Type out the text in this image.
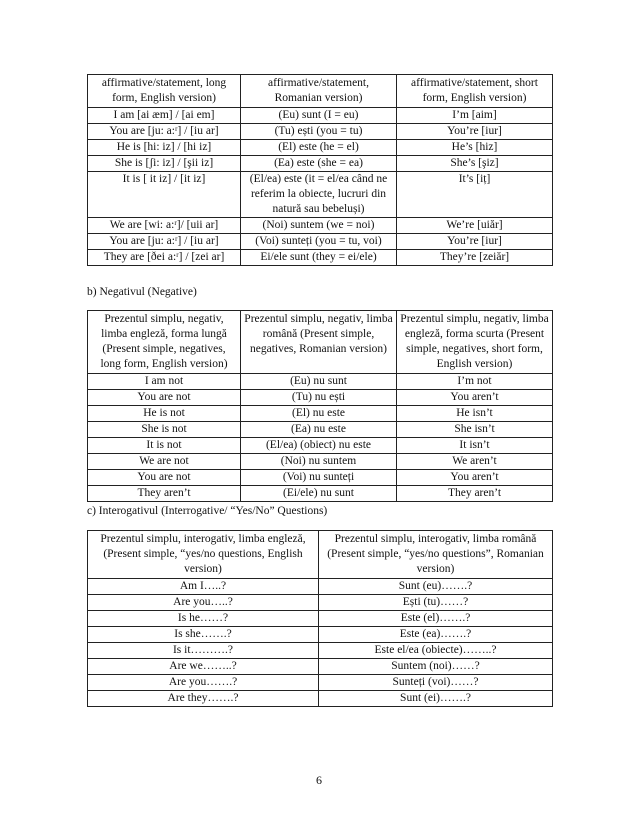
affirmative/statement, long form, English version)	affirmative/statement, Romanian version)	affirmative/statement, short form, English version)
I am [ai æm] / [ai em]	(Eu) sunt (I = eu)	I’m [aim]
You are [ju: a:ʳ] / [iu ar]	(Tu) ești (you = tu)	You’re [iur]
He is [hi: iz] / [hi iz]	(El) este (he = el)	He’s [hiz]
She is [ʃi: iz] / [şii iz]	(Ea) este (she = ea)	She’s [şiz]
It is [ it iz] / [it iz]	(El/ea) este (it = el/ea când ne referim la obiecte, lucruri din natură sau bebeluși)	It’s [iț]
We are [wi: a:ʳ]/ [uii ar]	(Noi) suntem (we = noi)	We’re [uiăr]
You are [ju: a:ʳ] / [iu ar]	(Voi) sunteți (you = tu, voi)	You’re [iur]
They are [ðei a:ʳ] / [zei ar]	Ei/ele sunt (they = ei/ele)	They’re [zeiăr]
b) Negativul (Negative)
Prezentul simplu, negativ, limba engleză, forma lungă (Present simple, negatives, long form, English version)	Prezentul simplu, negativ, limba română (Present simple, negatives, Romanian version)	Prezentul simplu, negativ, limba engleză, forma scurta (Present simple, negatives, short form, English version)
I am not	(Eu) nu sunt	I’m not
You are not	(Tu) nu ești	You aren’t
He is not	(El) nu este	He isn’t
She is not	(Ea) nu este	She isn’t
It is not	(El/ea) (obiect) nu este	It isn’t
We are not	(Noi) nu suntem	We aren’t
You are not	(Voi) nu sunteți	You aren’t
They aren’t	(Ei/ele) nu sunt	They aren’t
c) Interogativul (Interrogative/ “Yes/No” Questions)
Prezentul simplu, interogativ, limba engleză, (Present simple, “yes/no questions, English version)	Prezentul simplu, interogativ, limba română (Present simple, “yes/no questions”, Romanian version)
Am I…..?	Sunt (eu)…….?
Are you…..?	Ești (tu)……?
Is he……?	Este (el)…….?
Is she…….?	Este (ea)…….?
Is it……….?	Este el/ea (obiecte)……..?
Are we……..?	Suntem (noi)……?
Are you…….?	Sunteți (voi)……?
Are they…….?	Sunt (ei)…….?
6
